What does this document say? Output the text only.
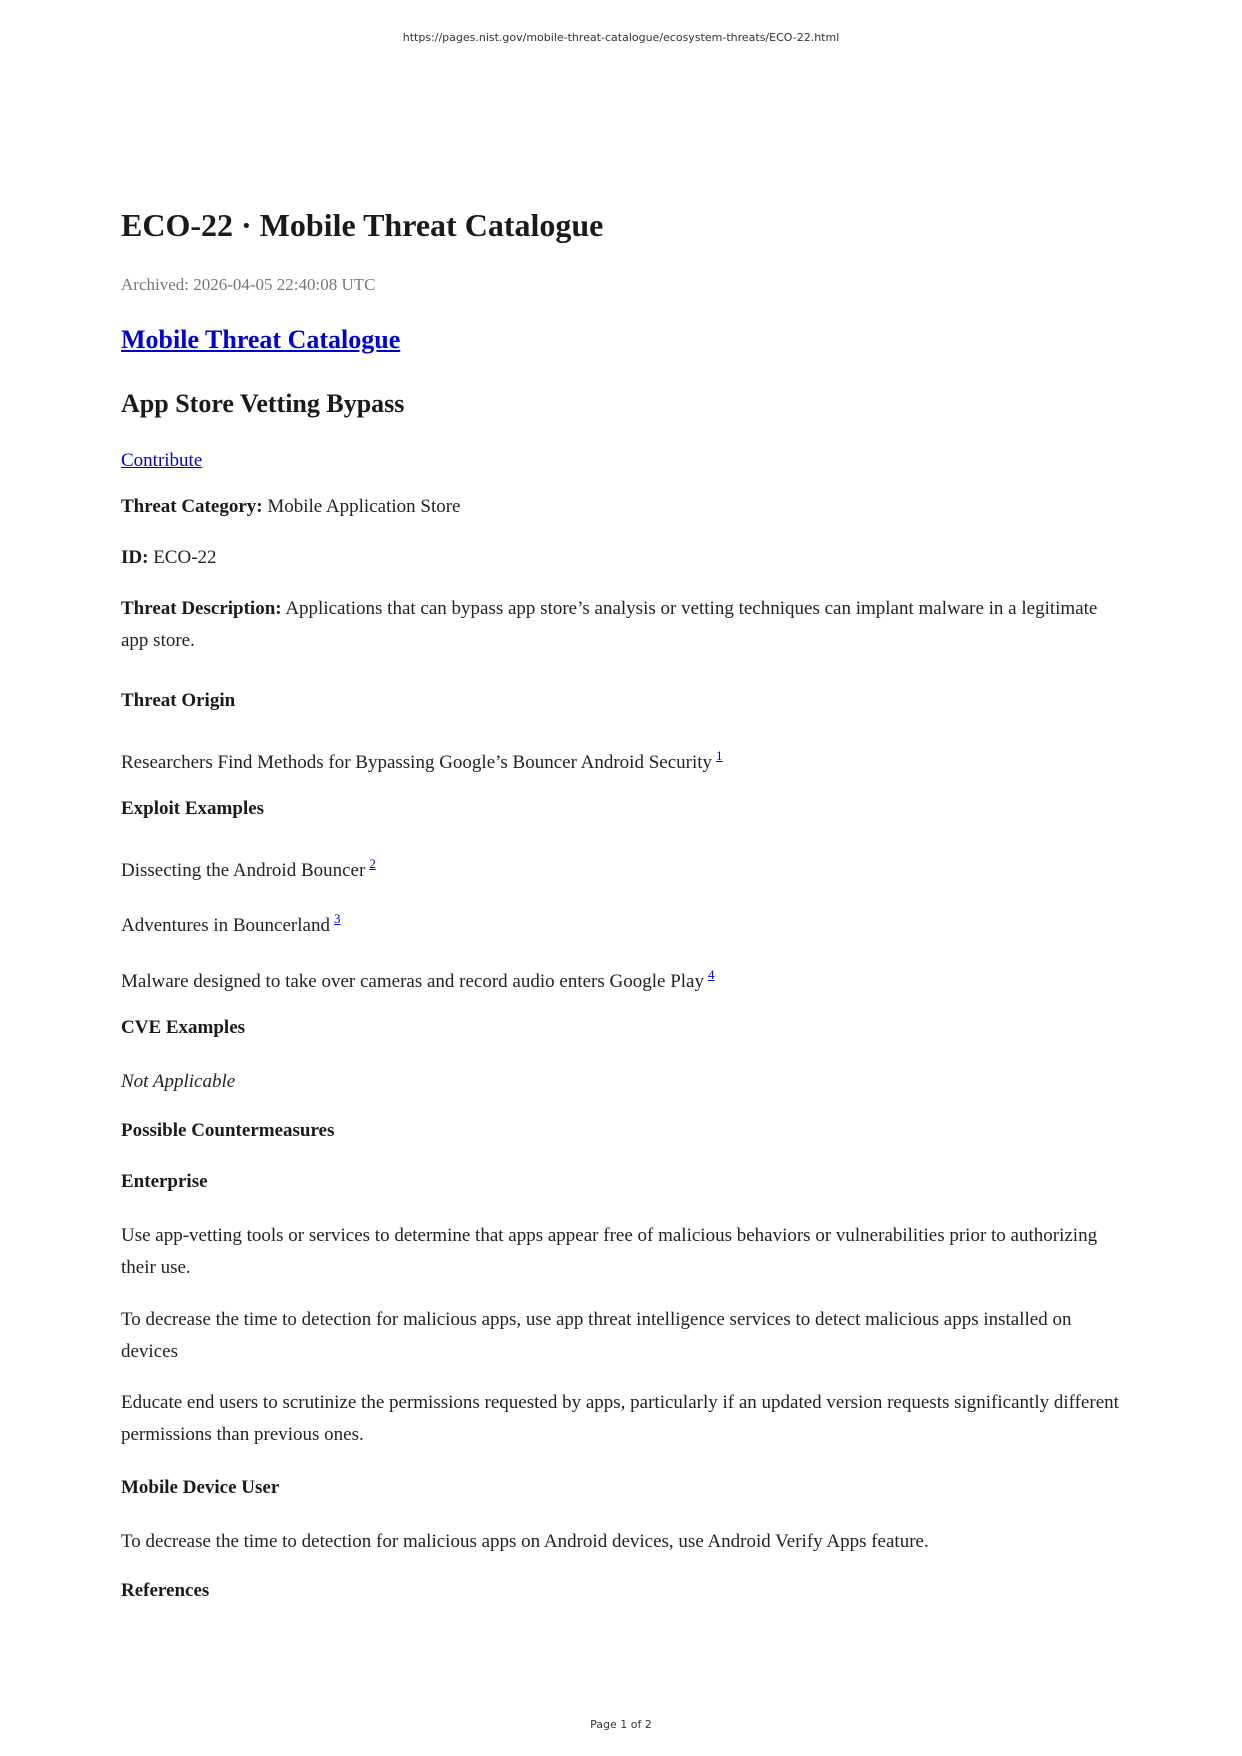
https://pages.nist.gov/mobile-threat-catalogue/ecosystem-threats/ECO-22.html
ECO-22 · Mobile Threat Catalogue
Archived: 2026-04-05 22:40:08 UTC
Mobile Threat Catalogue
App Store Vetting Bypass
Contribute
Threat Category: Mobile Application Store
ID: ECO-22
Threat Description: Applications that can bypass app store’s analysis or vetting techniques can implant malware in a legitimate app store.
Threat Origin
Researchers Find Methods for Bypassing Google’s Bouncer Android Security $^1$
Exploit Examples
Dissecting the Android Bouncer $^2$
Adventures in Bouncerland $^3$
Malware designed to take over cameras and record audio enters Google Play $^4$
CVE Examples
Not Applicable
Possible Countermeasures
Enterprise
Use app-vetting tools or services to determine that apps appear free of malicious behaviors or vulnerabilities prior to authorizing their use.
To decrease the time to detection for malicious apps, use app threat intelligence services to detect malicious apps installed on devices
Educate end users to scrutinize the permissions requested by apps, particularly if an updated version requests significantly different permissions than previous ones.
Mobile Device User
To decrease the time to detection for malicious apps on Android devices, use Android Verify Apps feature.
References
Page 1 of 2
